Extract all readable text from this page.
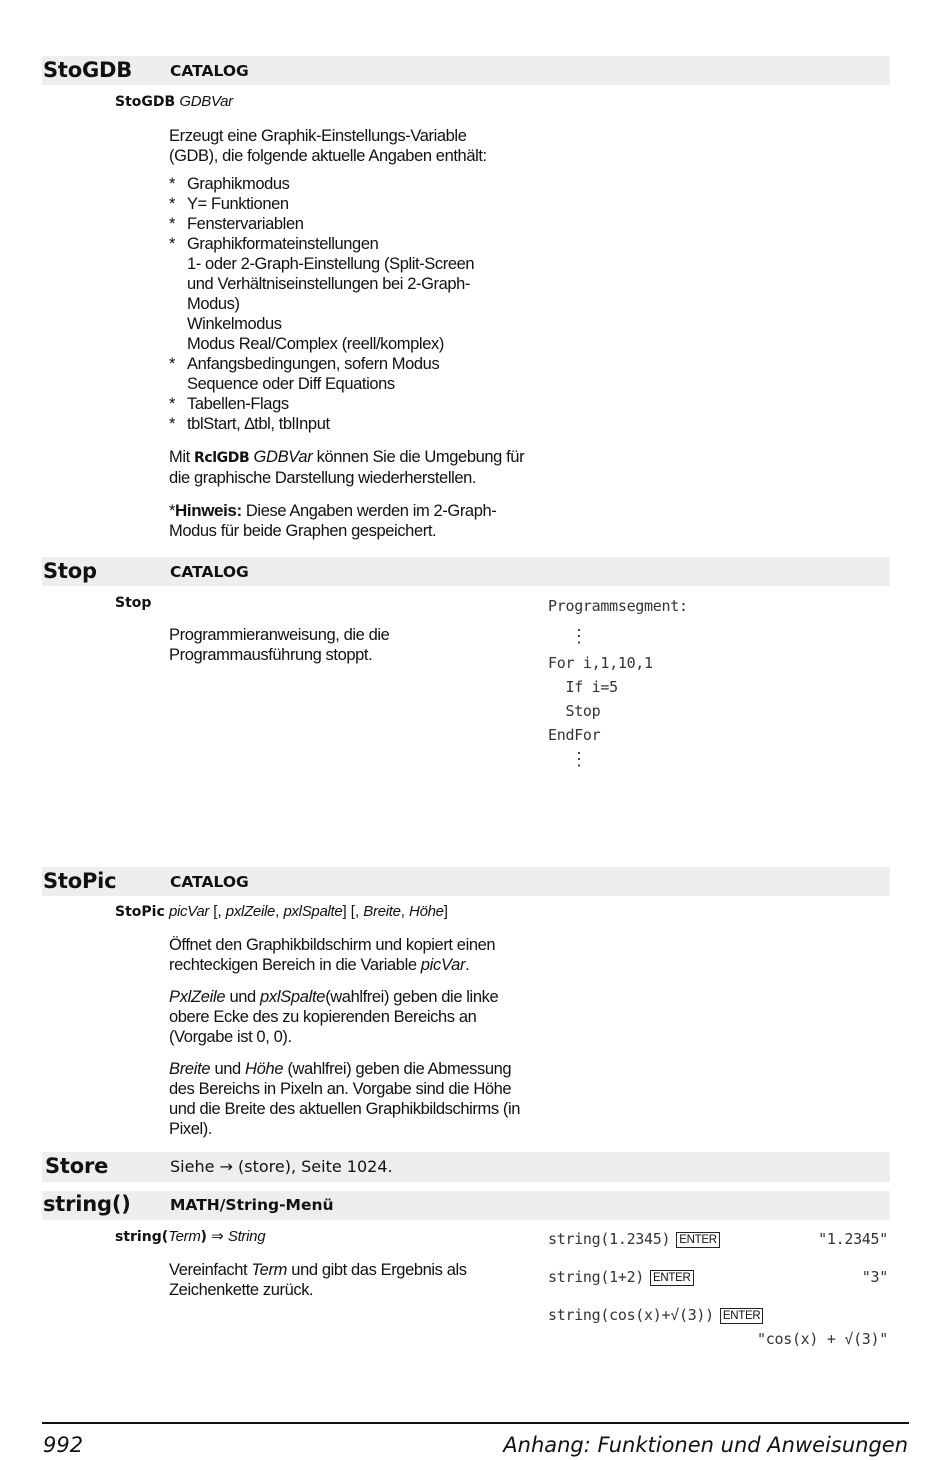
StoGDB CATALOG
StoGDB GDBVar

Erzeugt eine Graphik-Einstellungs-Variable (GDB), die folgende aktuelle Angaben enthält:

* Graphikmodus
* Y= Funktionen
* Fenstervariablen
* Graphikformateinstellungen
1- oder 2-Graph-Einstellung (Split-Screen und Verhältniseinstellungen bei 2-Graph-Modus)
Winkelmodus
Modus Real/Complex (reell/komplex)
* Anfangsbedingungen, sofern Modus Sequence oder Diff Equations
* Tabellen-Flags
* tblStart, ∆tbl, tblInput

Mit RclGDB GDBVar können Sie die Umgebung für die graphische Darstellung wiederherstellen.

*Hinweis: Diese Angaben werden im 2-Graph-Modus für beide Graphen gespeichert.

Stop	CATALOG
Stop

Programmieranweisung, die die Programmausführung stoppt.

Programmsegment:
⋮
For i,1,10,1
If i=5
Stop
EndFor
⋮
StoPic	CATALOG
StoPic picVar [, pxlZeile, pxlSpalte] [, Breite, Höhe]

Öffnet den Graphikbildschirm und kopiert einen rechteckigen Bereich in die Variable picVar.

PxlZeile und pxlSpalte(wahlfrei) geben die linke obere Ecke des zu kopierenden Bereichs an (Vorgabe ist 0, 0).

Breite und Höhe (wahlfrei) geben die Abmessung des Bereichs in Pixeln an. Vorgabe sind die Höhe und die Breite des aktuellen Graphikbildschirms (in Pixel).

Store	Siehe → (store), Seite 1024.
string()	MATH/String-Menü
string(Term) ⇒ String

Vereinfacht Term und gibt das Ergebnis als Zeichenkette zurück.

string(1.2345) ENTER	"1.2345"
string(1+2) ENTER	"3"
string(cos(x)+√(3)) ENTER
"cos(x) + √(3)"
992	Anhang: Funktionen und Anweisungen
